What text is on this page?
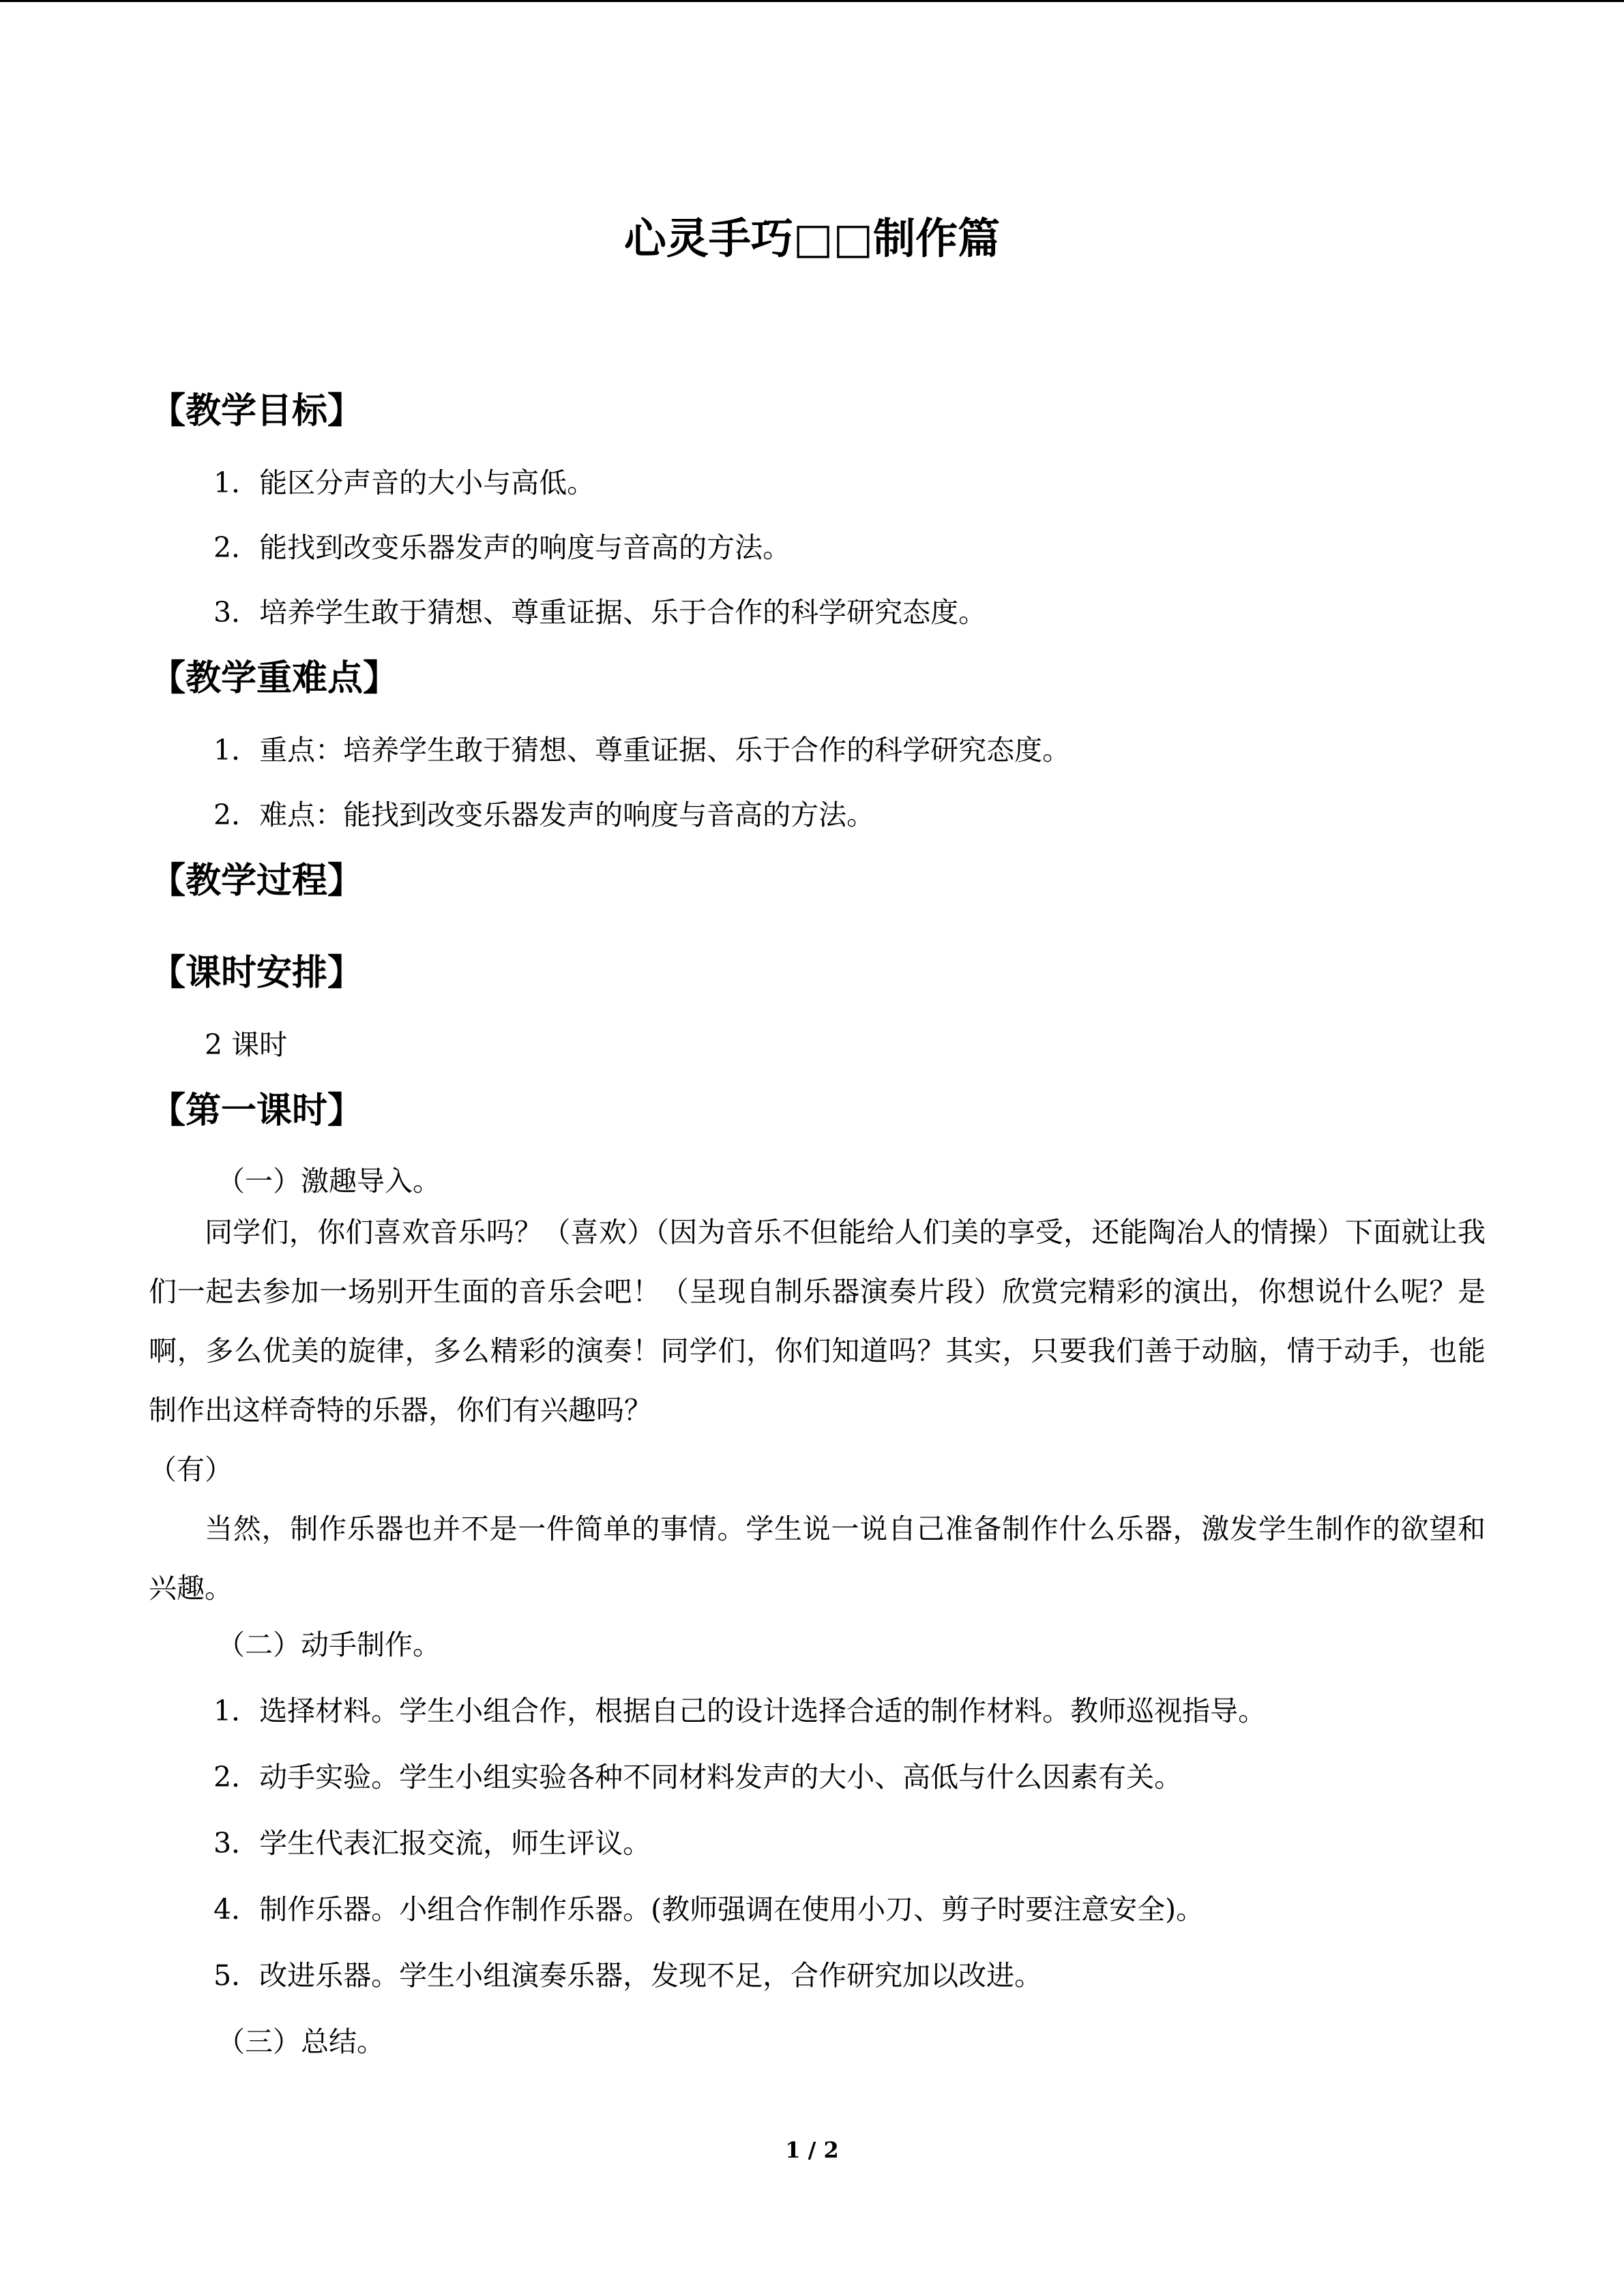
心灵手巧□□制作篇
【教学目标】
1．能区分声音的大小与高低。
2．能找到改变乐器发声的响度与音高的方法。
3．培养学生敢于猜想、尊重证据、乐于合作的科学研究态度。
【教学重难点】
1．重点：培养学生敢于猜想、尊重证据、乐于合作的科学研究态度。
2．难点：能找到改变乐器发声的响度与音高的方法。
【教学过程】
【课时安排】
2 课时
【第一课时】
（一）激趣导入。
同学们，你们喜欢音乐吗？（喜欢）（因为音乐不但能给人们美的享受，还能陶冶人的情操）下面就让我们一起去参加一场别开生面的音乐会吧！（呈现自制乐器演奏片段）欣赏完精彩的演出，你想说什么呢？是啊，多么优美的旋律，多么精彩的演奏！同学们，你们知道吗？其实，只要我们善于动脑，情于动手，也能制作出这样奇特的乐器，你们有兴趣吗？
（有）
当然，制作乐器也并不是一件简单的事情。学生说一说自己准备制作什么乐器，激发学生制作的欲望和兴趣。
（二）动手制作。
1．选择材料。学生小组合作，根据自己的设计选择合适的制作材料。教师巡视指导。
2．动手实验。学生小组实验各种不同材料发声的大小、高低与什么因素有关。
3．学生代表汇报交流，师生评议。
4．制作乐器。小组合作制作乐器。(教师强调在使用小刀、剪子时要注意安全)。
5．改进乐器。学生小组演奏乐器，发现不足，合作研究加以改进。
（三）总结。
1 / 2
